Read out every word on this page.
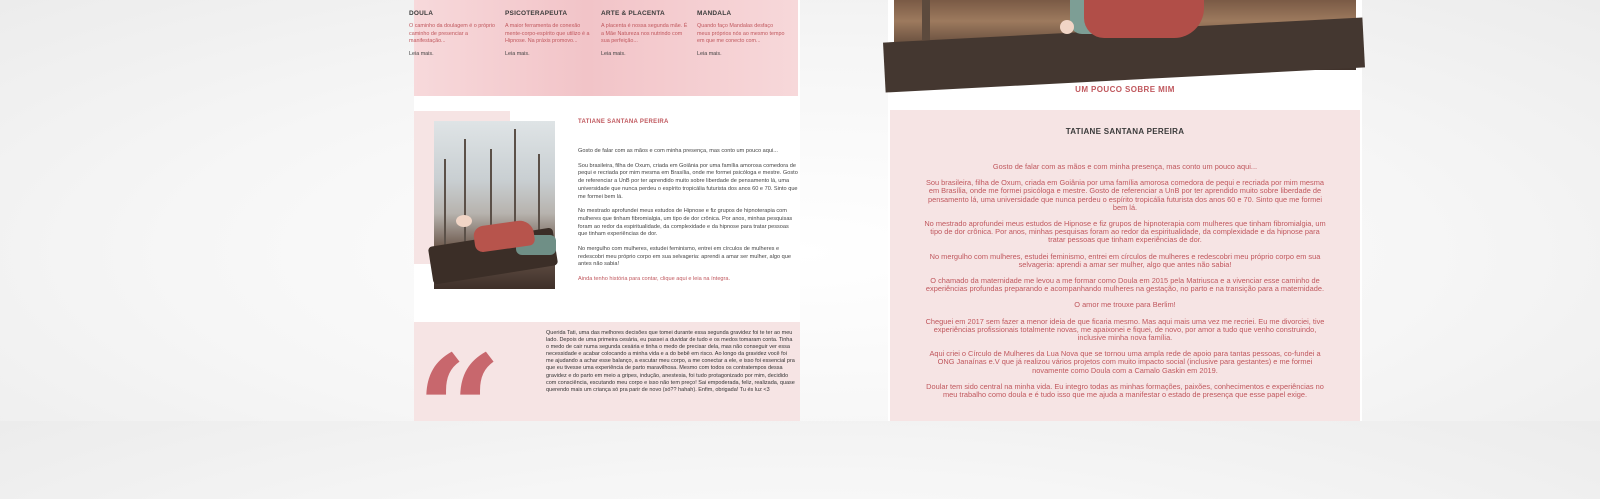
DOULA
O caminho da doulagem é o próprio caminho de presenciar a manifestação...
Leia mais.
PSICOTERAPEUTA
A maior ferramenta de conexão mente-corpo-espírito que utilizo é a Hipnose. Na práxis promovo...
Leia mais.
ARTE & PLACENTA
A placenta é nossa segunda mãe. É a Mãe Natureza nos nutrindo com sua perfeição...
Leia mais.
MANDALA
Quando faço Mandalas desfaço meus próprios nós ao mesmo tempo em que me conecto com...
Leia mais.
TATIANE SANTANA PEREIRA

Gosto de falar com as mãos e com minha presença, mas conto um pouco aqui...

Sou brasileira, filha de Oxum, criada em Goiânia por uma família amorosa comedora de pequi e recriada por mim mesma em Brasília, onde me formei psicóloga e mestre. Gosto de referenciar a UnB por ter aprendido muito sobre liberdade de pensamento lá, uma universidade que nunca perdeu o espírito tropicália futurista dos anos 60 e 70. Sinto que me formei bem lá.

No mestrado aprofundei meus estudos de Hipnose e fiz grupos de hipnoterapia com mulheres que tinham fibromialgia, um tipo de dor crônica. Por anos, minhas pesquisas foram ao redor da espiritualidade, da complexidade e da hipnose para tratar pessoas que tinham experiências de dor.

No mergulho com mulheres, estudei feminismo, entrei em círculos de mulheres e redescobri meu próprio corpo em sua selvageria: aprendi a amar ser mulher, algo que antes não sabia!

Ainda tenho história para contar, clique aqui e leia na íntegra.
“	Querida Tati, uma das melhores decisões que tomei durante essa segunda gravidez foi te ter ao meu lado. Depois de uma primeira cesária, eu passei a duvidar de tudo e os medos tomaram conta. Tinha o medo de cair numa segunda cesária e tinha o medo de precisar dela, mas não conseguir ver essa necessidade e acabar colocando a minha vida e a do bebê em risco. Ao longo da gravidez você foi me ajudando a achar esse balanço, a escutar meu corpo, a me conectar a ele, e isso foi essencial pra que eu tivesse uma experiência de parto maravilhosa. Mesmo com todos os contratempos dessa gravidez e do parto em meio a gripes, indução, anestesia, foi tudo protagonizado por mim, decidido com consciência, escutando meu corpo e isso não tem preço! Sai empoderada, feliz, realizada, quase querendo mais um criança só pra parir de novo (só?? hahah). Enfim, obrigada! Tu és luz <3

UM POUCO SOBRE MIM
TATIANE SANTANA PEREIRA

Gosto de falar com as mãos e com minha presença, mas conto um pouco aqui...

Sou brasileira, filha de Oxum, criada em Goiânia por uma família amorosa comedora de pequi e recriada por mim mesma em Brasília, onde me formei psicóloga e mestre. Gosto de referenciar a UnB por ter aprendido muito sobre liberdade de pensamento lá, uma universidade que nunca perdeu o espírito tropicália futurista dos anos 60 e 70. Sinto que me formei bem lá.

No mestrado aprofundei meus estudos de Hipnose e fiz grupos de hipnoterapia com mulheres que tinham fibromialgia, um tipo de dor crônica. Por anos, minhas pesquisas foram ao redor da espiritualidade, da complexidade e da hipnose para tratar pessoas que tinham experiências de dor.

No mergulho com mulheres, estudei feminismo, entrei em círculos de mulheres e redescobri meu próprio corpo em sua selvageria: aprendi a amar ser mulher, algo que antes não sabia!

O chamado da maternidade me levou a me formar como Doula em 2015 pela Matriusca e a vivenciar esse caminho de experiências profundas preparando e acompanhando mulheres na gestação, no parto e na transição para a maternidade.

O amor me trouxe para Berlim!

Cheguei em 2017 sem fazer a menor ideia de que ficaria mesmo. Mas aqui mais uma vez me recriei. Eu me divorciei, tive experiências profissionais totalmente novas, me apaixonei e fiquei, de novo, por amor a tudo que venho construindo, inclusive minha nova família.

Aqui criei o Círculo de Mulheres da Lua Nova que se tornou uma ampla rede de apoio para tantas pessoas, co-fundei a ONG Janaínas e.V que já realizou vários projetos com muito impacto social (inclusive para gestantes) e me formei novamente como Doula com a Camalo Gaskin em 2019.

Doular tem sido central na minha vida. Eu integro todas as minhas formações, paixões, conhecimentos e experiências no meu trabalho como doula e é tudo isso que me ajuda a manifestar o estado de presença que esse papel exige.
